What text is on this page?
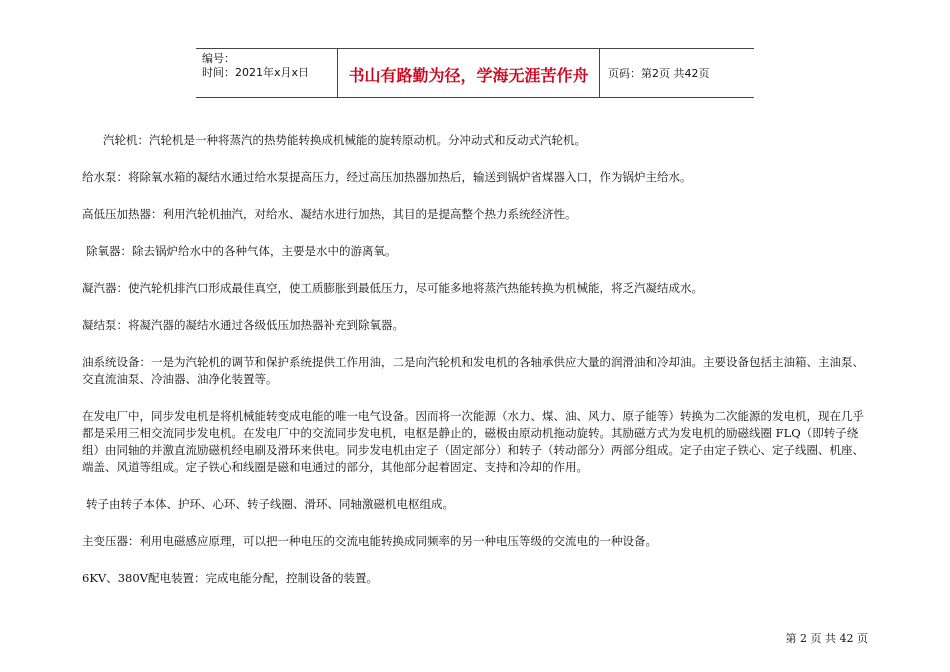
编号：
时间：2021年x月x日	书山有路勤为径，学海无涯苦作舟	页码：第2页 共42页

汽轮机：汽轮机是一种将蒸汽的热势能转换成机械能的旋转原动机。分冲动式和反动式汽轮机。

给水泵：将除氧水箱的凝结水通过给水泵提高压力，经过高压加热器加热后，输送到锅炉省煤器入口，作为锅炉主给水。

高低压加热器：利用汽轮机抽汽，对给水、凝结水进行加热，其目的是提高整个热力系统经济性。

除氧器：除去锅炉给水中的各种气体，主要是水中的游离氧。

凝汽器：使汽轮机排汽口形成最佳真空，使工质膨胀到最低压力，尽可能多地将蒸汽热能转换为机械能，将乏汽凝结成水。

凝结泵：将凝汽器的凝结水通过各级低压加热器补充到除氧器。

油系统设备：一是为汽轮机的调节和保护系统提供工作用油，二是向汽轮机和发电机的各轴承供应大量的润滑油和冷却油。主要设备包括主油箱、主油泵、交直流油泵、冷油器、油净化装置等。

在发电厂中，同步发电机是将机械能转变成电能的唯一电气设备。因而将一次能源（水力、煤、油、风力、原子能等）转换为二次能源的发电机，现在几乎都是采用三相交流同步发电机。在发电厂中的交流同步发电机，电枢是静止的，磁极由原动机拖动旋转。其励磁方式为发电机的励磁线圈 FLQ（即转子绕组）由同轴的并激直流励磁机经电刷及滑环来供电。同步发电机由定子（固定部分）和转子（转动部分）两部分组成。定子由定子铁心、定子线圈、机座、端盖、风道等组成。定子铁心和线圈是磁和电通过的部分，其他部分起着固定、支持和冷却的作用。

转子由转子本体、护环、心环、转子线圈、滑环、同轴激磁机电枢组成。

主变压器：利用电磁感应原理，可以把一种电压的交流电能转换成同频率的另一种电压等级的交流电的一种设备。

6KV、380V配电装置：完成电能分配，控制设备的装置。

第 2 页 共 42 页
